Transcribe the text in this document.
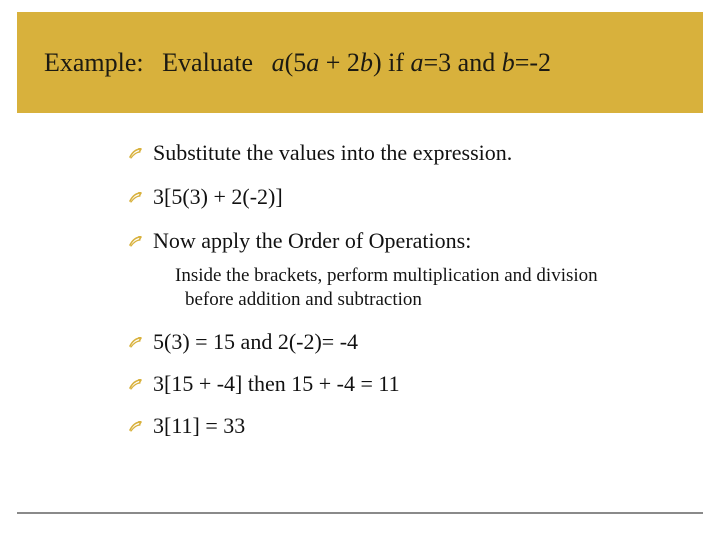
Example: Evaluate a(5a + 2b) if a=3 and b=-2
Substitute the values into the expression.
3[5(3) + 2(-2)]
Now apply the Order of Operations:
Inside the brackets, perform multiplication and division
before addition and subtraction
5(3) = 15 and 2(-2)= -4
3[15 + -4] then 15 + -4 = 11
3[11] = 33
